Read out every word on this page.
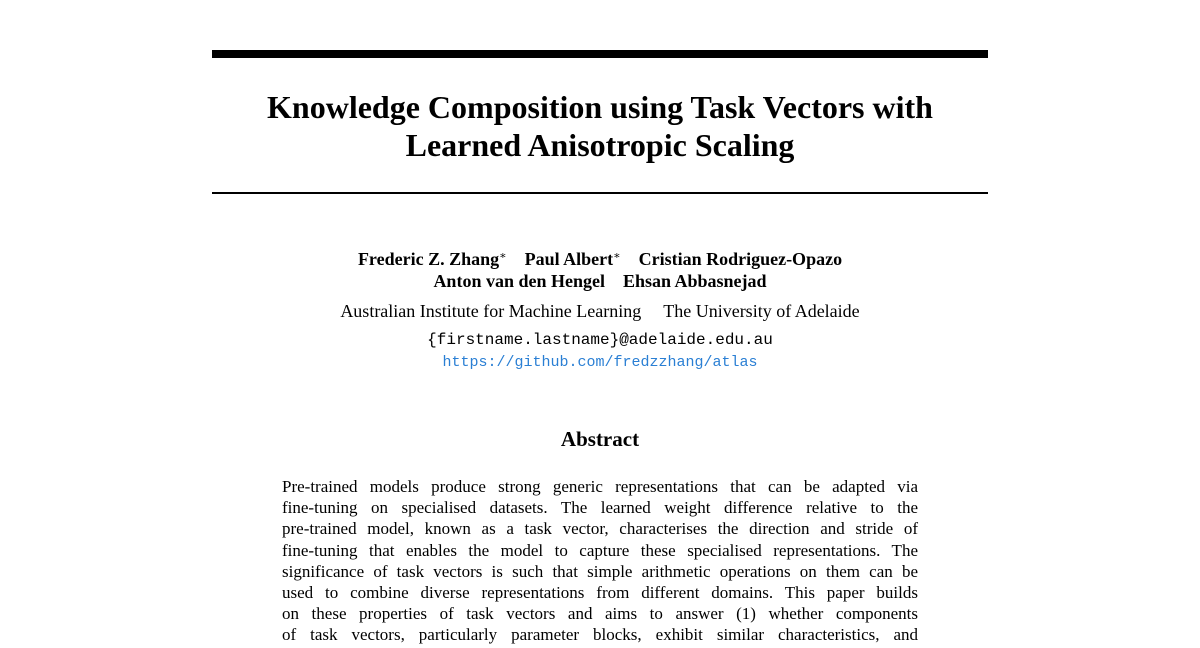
Knowledge Composition using Task Vectors with
Learned Anisotropic Scaling
Frederic Z. Zhang∗ Paul Albert∗ Cristian Rodriguez-Opazo
Anton van den Hengel Ehsan Abbasnejad
Australian Institute for Machine Learning The University of Adelaide
{firstname.lastname}@adelaide.edu.au
https://github.com/fredzzhang/atlas
Abstract
Pre-trained models produce strong generic representations that can be adapted via
fine-tuning on specialised datasets. The learned weight difference relative to the
pre-trained model, known as a task vector, characterises the direction and stride of
fine-tuning that enables the model to capture these specialised representations. The
significance of task vectors is such that simple arithmetic operations on them can be
used to combine diverse representations from different domains. This paper builds
on these properties of task vectors and aims to answer (1) whether components
of task vectors, particularly parameter blocks, exhibit similar characteristics, and
